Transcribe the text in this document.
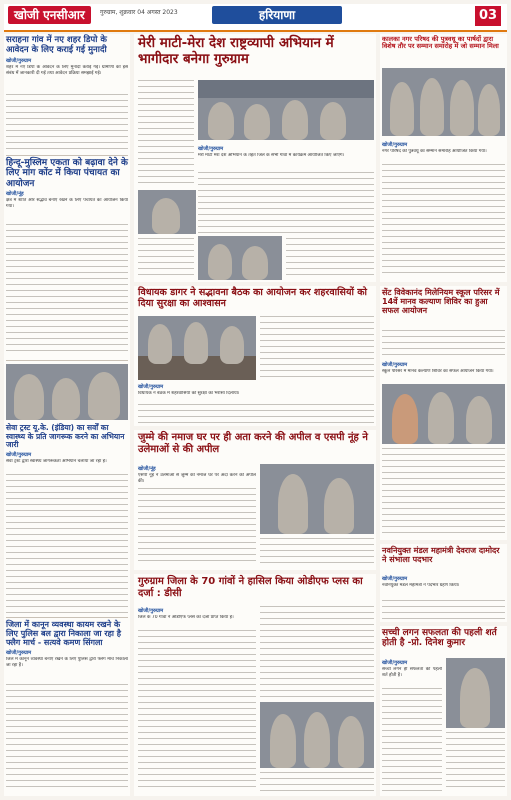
खोजी एनसीआर	गुरुग्राम, शुक्रवार 04 अगस्त 2023	हरियाणा	03
सराहना गांव में नए शहर डिपो के आवेदन के लिए कराई गई मुनादी
खोजी/गुरुग्राम
शहर में नए डिपो के आवेदन के लिए मुनादी कराई गई। ग्रामीणों को इस संबंध में जानकारी दी गई तथा आवेदन प्रक्रिया समझाई गई।
हिन्दू-मुस्लिम एकता को बढ़ावा देने के लिए मांग कोंट में किया पंचायत का आयोजन
खोजी/नूंह
क्षेत्र में शांति और सद्भाव बनाए रखने के लिए पंचायत का आयोजन किया गया।
सेवा ट्रस्ट यू.के. (इंडिया) का सर्वों का स्वास्थ्य के प्रति जागरूक करने का अभियान जारी
खोजी/गुरुग्राम
सेवा ट्रस्ट द्वारा स्वास्थ्य जागरूकता अभियान चलाया जा रहा है।
जिला में कानून व्यवस्था कायम रखने के लिए पुलिस बल द्वारा निकाला जा रहा है फ्लैग मार्च - सत्यवे कमण सिंगला
खोजी/गुरुग्राम
जिले में कानून व्यवस्था बनाए रखने के लिए पुलिस द्वारा फ्लैग मार्च निकाला जा रहा है।
मेरी माटी-मेरा देश राष्ट्रव्यापी अभियान में भागीदार बनेगा गुरुग्राम
खोजी/गुरुग्राम
मेरी माटी मेरा देश अभियान के तहत जिले के सभी गांवों में कार्यक्रम आयोजित किए जाएंगे।
कालका नगर परिषद की पुत्रवधू का पार्षदों द्वारा विशेष तौर पर सम्मान समारोह में जो सम्मान मिला
खोजी/गुरुग्राम
नगर परिषद की पुत्रवधू का सम्मान समारोह आयोजित किया गया।
विधायक डागर ने सद्भावना बैठक का आयोजन कर शहरवासियों को दिया सुरक्षा का आश्वासन
खोजी/गुरुग्राम
विधायक ने बैठक में शहरवासियों को सुरक्षा का भरोसा दिलाया।
सेंट विवेकानंद मिलेनियम स्कूल परिसर में 14वें मानव कल्याण शिविर का हुआ सफल आयोजन
खोजी/गुरुग्राम
स्कूल परिसर में मानव कल्याण शिविर का सफल आयोजन किया गया।
जुम्मे की नमाज घर पर ही अता करने की अपील व एसपी नूंह ने उलेमाओं से की अपील
खोजी/नूंह
एसपी नूंह ने उलेमाओं से जुम्मे की नमाज घर पर अदा करने की अपील की।
नवनियुक्त मंडल महामंत्री देवराज दामोदर ने संभाला पदभार
खोजी/गुरुग्राम
नवनियुक्त मंडल महामंत्री ने पदभार ग्रहण किया।
गुरुग्राम जिला के 70 गांवों ने हासिल किया ओडीएफ प्लस का दर्जा : डीसी
खोजी/गुरुग्राम
जिले के 70 गांवों ने ओडीएफ प्लस का दर्जा प्राप्त किया है।
सच्ची लगन सफलता की पहली शर्त होती है -प्रो. दिनेश कुमार
खोजी/गुरुग्राम
सच्ची लगन ही सफलता की पहली शर्त होती है।
